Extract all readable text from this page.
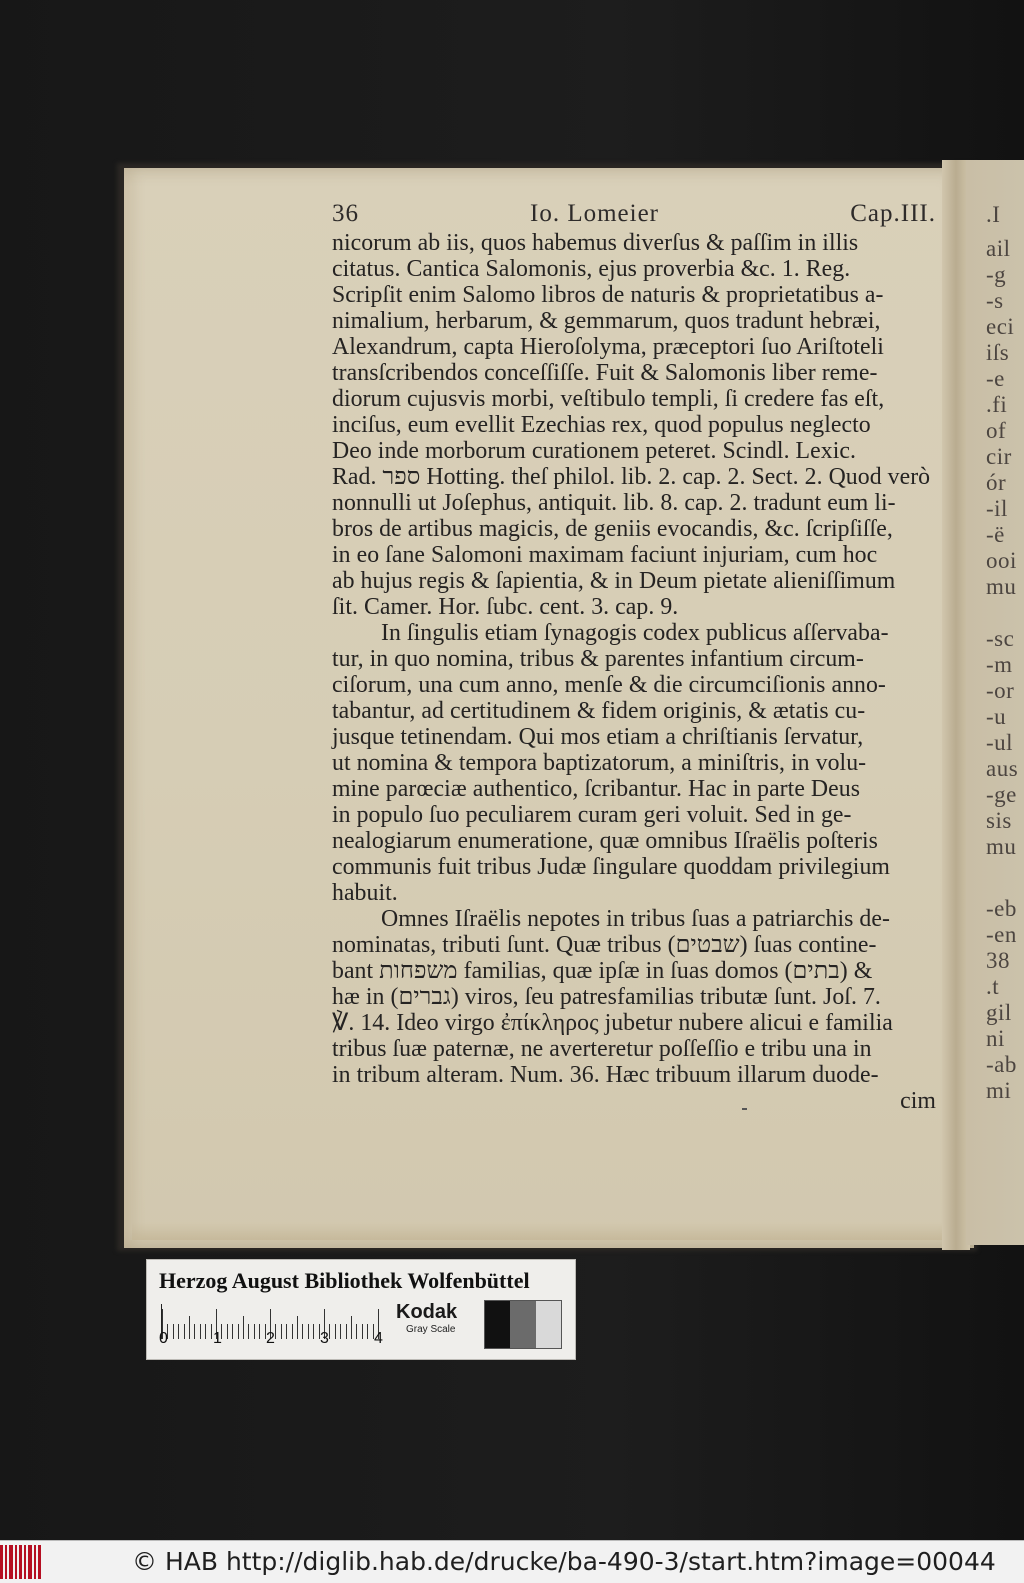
.I
ail
-g
-s
eci
iſs
-e
.fi
of
cir
ór
-il
-ë
ooi
mu
-sc
-m
-or
-u
-ul
aus
-ge
sis
mu
-eb
-en
38
.t
gil
ni
-ab
mi
36	Io. Lomeier	Cap.III.
nicorum ab iis, quos habemus diverſus & paſſim in illis
citatus. Cantica Salomonis, ejus proverbia &c. 1. Reg.
Scripſit enim Salomo libros de naturis & proprietatibus a-
nimalium, herbarum, & gemmarum, quos tradunt hebræi,
Alexandrum, capta Hieroſolyma, præceptori ſuo Ariſtoteli
transſcribendos conceſſiſſe. Fuit & Salomonis liber reme-
diorum cujusvis morbi, veſtibulo templi, ſi credere fas eſt,
inciſus, eum evellit Ezechias rex, quod populus neglecto
Deo inde morborum curationem peteret. Scindl. Lexic.
Rad. ספר Hotting. theſ philol. lib. 2. cap. 2. Sect. 2. Quod verò
nonnulli ut Joſephus, antiquit. lib. 8. cap. 2. tradunt eum li-
bros de artibus magicis, de geniis evocandis, &c. ſcripſiſſe,
in eo ſane Salomoni maximam faciunt injuriam, cum hoc
ab hujus regis & ſapientia, & in Deum pietate alieniſſimum
ſit. Camer. Hor. ſubc. cent. 3. cap. 9.
In ſingulis etiam ſynagogis codex publicus aſſervaba-
tur, in quo nomina, tribus & parentes infantium circum-
ciſorum, una cum anno, menſe & die circumciſionis anno-
tabantur, ad certitudinem & fidem originis, & ætatis cu-
jusque tetinendam. Qui mos etiam a chriſtianis ſervatur,
ut nomina & tempora baptizatorum, a miniſtris, in volu-
mine parœciæ authentico, ſcribantur. Hac in parte Deus
in populo ſuo peculiarem curam geri voluit. Sed in ge-
nealogiarum enumeratione, quæ omnibus Iſraëlis poſteris
communis fuit tribus Judæ ſingulare quoddam privilegium
habuit.
Omnes Iſraëlis nepotes in tribus ſuas a patriarchis de-
nominatas, tributi ſunt. Quæ tribus (שבטים) ſuas contine-
bant משפחות familias, quæ ipſæ in ſuas domos (בתים) &
hæ in (גברים) viros, ſeu patresfamilias tributæ ſunt. Joſ. 7.
℣. 14. Ideo virgo ἐπίκληρος jubetur nubere alicui e familia
tribus ſuæ paternæ, ne averteretur poſſeſſio e tribu una in
in tribum alteram. Num. 36. Hæc tribuum illarum duode-
cim
Herzog August Bibliothek Wolfenbüttel
0	1	2	3	4
Kodak
Gray Scale
© HAB http://diglib.hab.de/drucke/ba-490-3/start.htm?image=00044
